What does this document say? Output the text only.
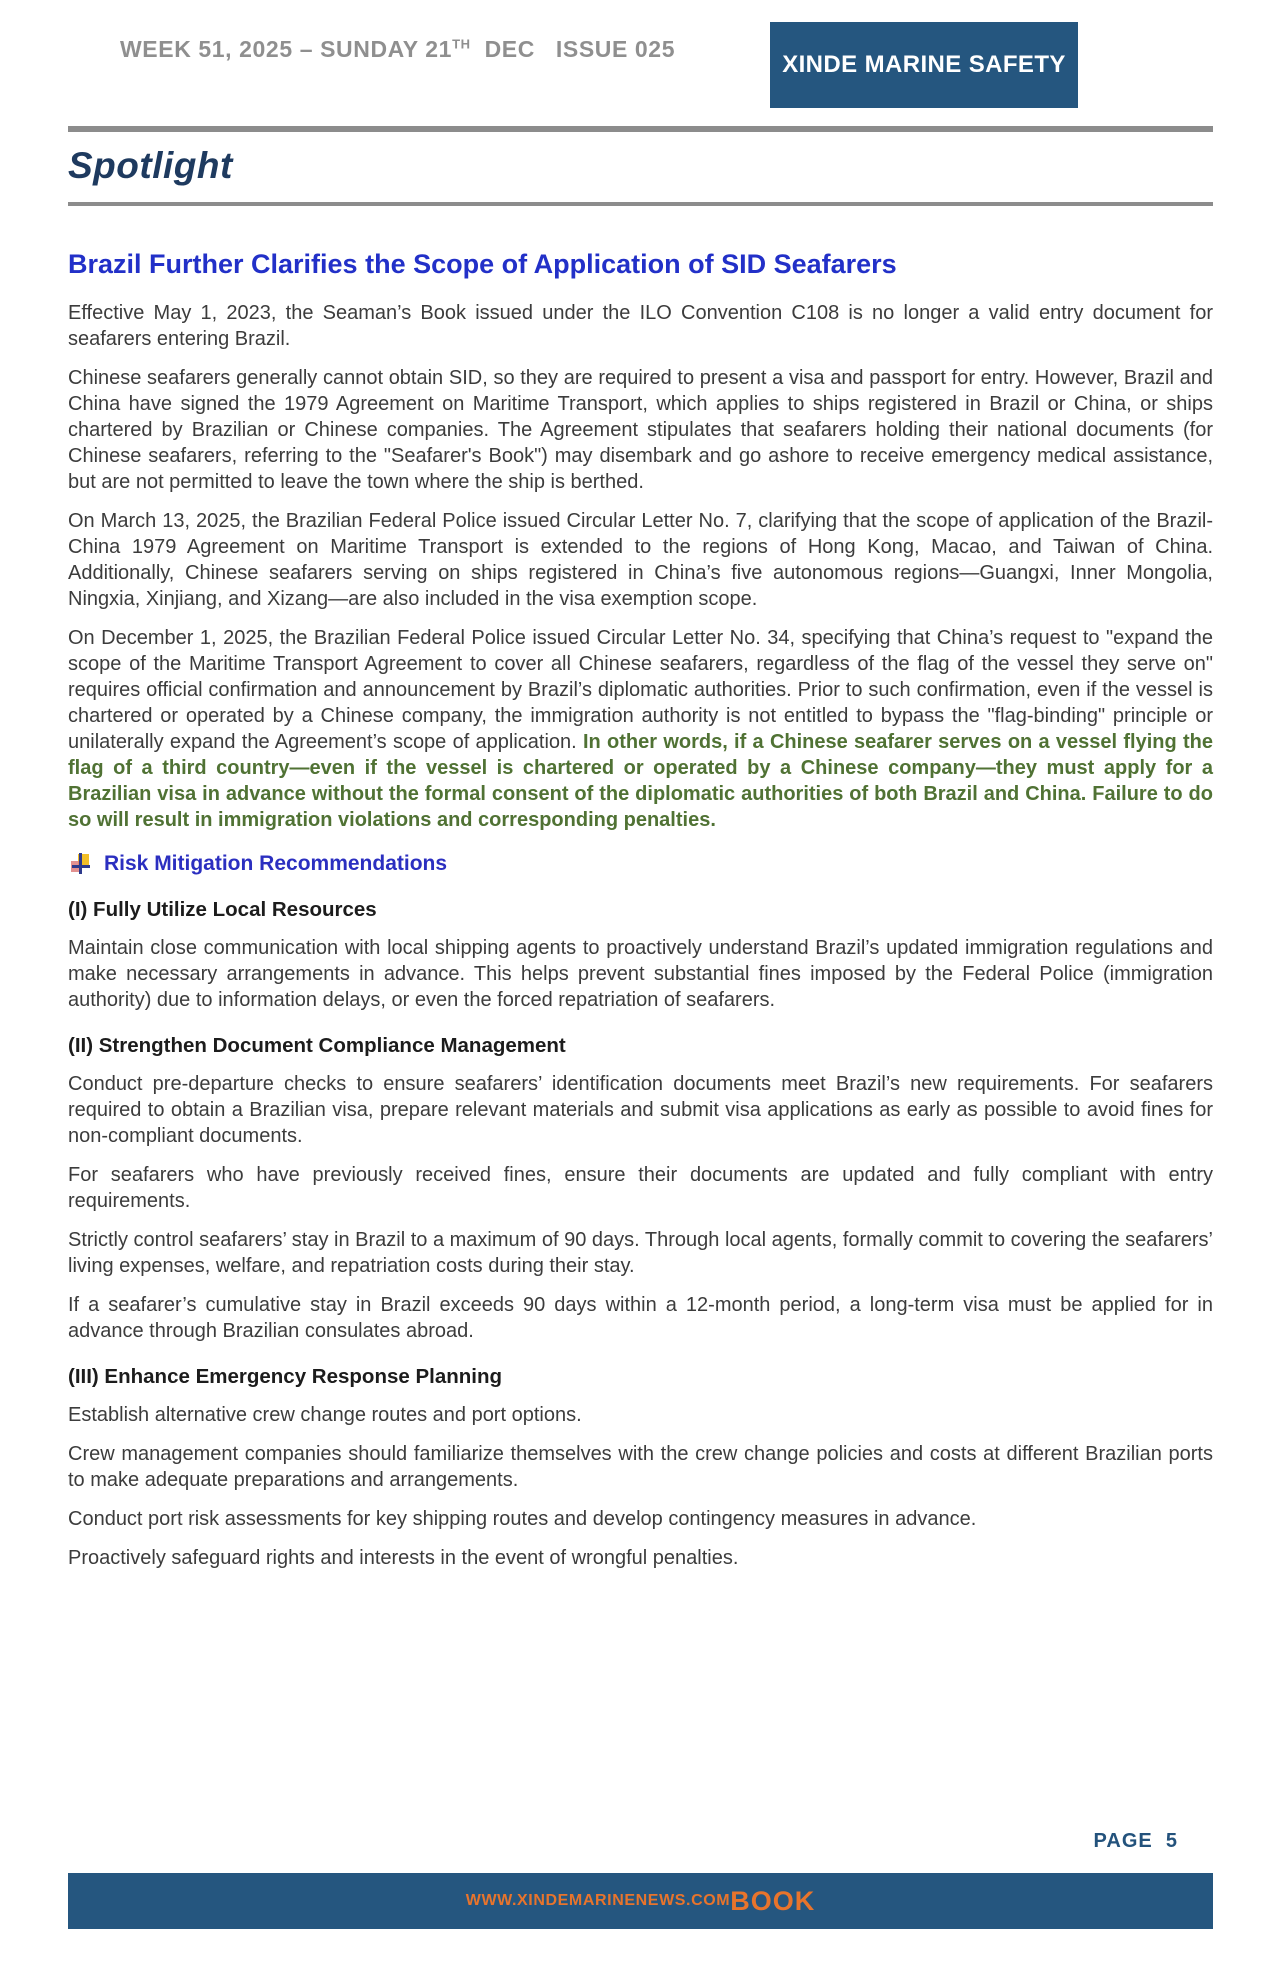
WEEK 51, 2025 – SUNDAY 21TH  DEC   ISSUE 025
XINDE MARINE SAFETY
Spotlight
Brazil Further Clarifies the Scope of Application of SID Seafarers

Effective May 1, 2023, the Seaman’s Book issued under the ILO Convention C108 is no longer a valid entry document for seafarers entering Brazil.

Chinese seafarers generally cannot obtain SID, so they are required to present a visa and passport for entry. However, Brazil and China have signed the 1979 Agreement on Maritime Transport, which applies to ships registered in Brazil or China, or ships chartered by Brazilian or Chinese companies. The Agreement stipulates that seafarers holding their national documents (for Chinese seafarers, referring to the "Seafarer's Book") may disembark and go ashore to receive emergency medical assistance, but are not permitted to leave the town where the ship is berthed.

On March 13, 2025, the Brazilian Federal Police issued Circular Letter No. 7, clarifying that the scope of application of the Brazil-China 1979 Agreement on Maritime Transport is extended to the regions of Hong Kong, Macao, and Taiwan of China. Additionally, Chinese seafarers serving on ships registered in China’s five autonomous regions—Guangxi, Inner Mongolia, Ningxia, Xinjiang, and Xizang—are also included in the visa exemption scope.

On December 1, 2025, the Brazilian Federal Police issued Circular Letter No. 34, specifying that China’s request to "expand the scope of the Maritime Transport Agreement to cover all Chinese seafarers, regardless of the flag of the vessel they serve on" requires official confirmation and announcement by Brazil’s diplomatic authorities. Prior to such confirmation, even if the vessel is chartered or operated by a Chinese company, the immigration authority is not entitled to bypass the "flag-binding" principle or unilaterally expand the Agreement’s scope of application. In other words, if a Chinese seafarer serves on a vessel flying the flag of a third country—even if the vessel is chartered or operated by a Chinese company—they must apply for a Brazilian visa in advance without the formal consent of the diplomatic authorities of both Brazil and China. Failure to do so will result in immigration violations and corresponding penalties.

Risk Mitigation Recommendations
(I) Fully Utilize Local Resources

Maintain close communication with local shipping agents to proactively understand Brazil’s updated immigration regulations and make necessary arrangements in advance. This helps prevent substantial fines imposed by the Federal Police (immigration authority) due to information delays, or even the forced repatriation of seafarers.

(II) Strengthen Document Compliance Management

Conduct pre-departure checks to ensure seafarers’ identification documents meet Brazil’s new requirements. For seafarers required to obtain a Brazilian visa, prepare relevant materials and submit visa applications as early as possible to avoid fines for non-compliant documents.

For seafarers who have previously received fines, ensure their documents are updated and fully compliant with entry requirements.

Strictly control seafarers’ stay in Brazil to a maximum of 90 days. Through local agents, formally commit to covering the seafarers’ living expenses, welfare, and repatriation costs during their stay.

If a seafarer’s cumulative stay in Brazil exceeds 90 days within a 12-month period, a long-term visa must be applied for in advance through Brazilian consulates abroad.

(III) Enhance Emergency Response Planning

Establish alternative crew change routes and port options.

Crew management companies should familiarize themselves with the crew change policies and costs at different Brazilian ports to make adequate preparations and arrangements.

Conduct port risk assessments for key shipping routes and develop contingency measures in advance.

Proactively safeguard rights and interests in the event of wrongful penalties.

PAGE 5
WWW.XINDEMARINENEWS.COM BOOK
